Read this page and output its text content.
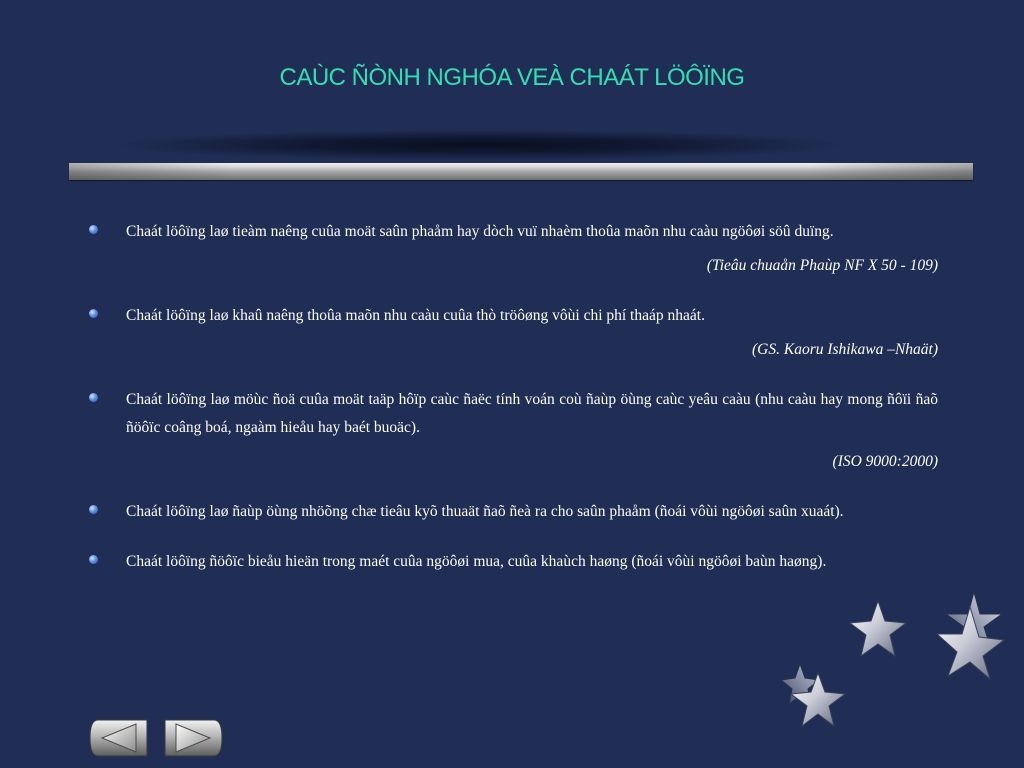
CAÙC ÑÒNH NGHÓA VEÀ CHAÁT LÖÔÏNG
Chaát löôïng laø tieàm naêng cuûa moät saûn phaåm hay dòch vuï nhaèm thoûa maõn nhu caàu ngöôøi söû duïng.
(Tieâu chuaån Phaùp NF X 50 - 109)
Chaát löôïng laø khaû naêng thoûa maõn nhu caàu cuûa thò tröôøng vôùi chi phí thaáp nhaát.
(GS. Kaoru Ishikawa –Nhaät)
Chaát löôïng laø möùc ñoä cuûa moät taäp hôïp caùc ñaëc tính voán coù ñaùp öùng caùc yeâu caàu (nhu caàu hay mong ñôïi ñaõ ñöôïc coâng boá, ngaàm hieåu hay baét buoäc).
(ISO 9000:2000)
Chaát löôïng laø ñaùp öùng nhöõng chæ tieâu kyõ thuaät ñaõ ñeà ra cho saûn phaåm (ñoái vôùi ngöôøi saûn xuaát).
Chaát löôïng ñöôïc bieåu hieän trong maét cuûa ngöôøi mua, cuûa khaùch haøng (ñoái vôùi ngöôøi baùn haøng).
